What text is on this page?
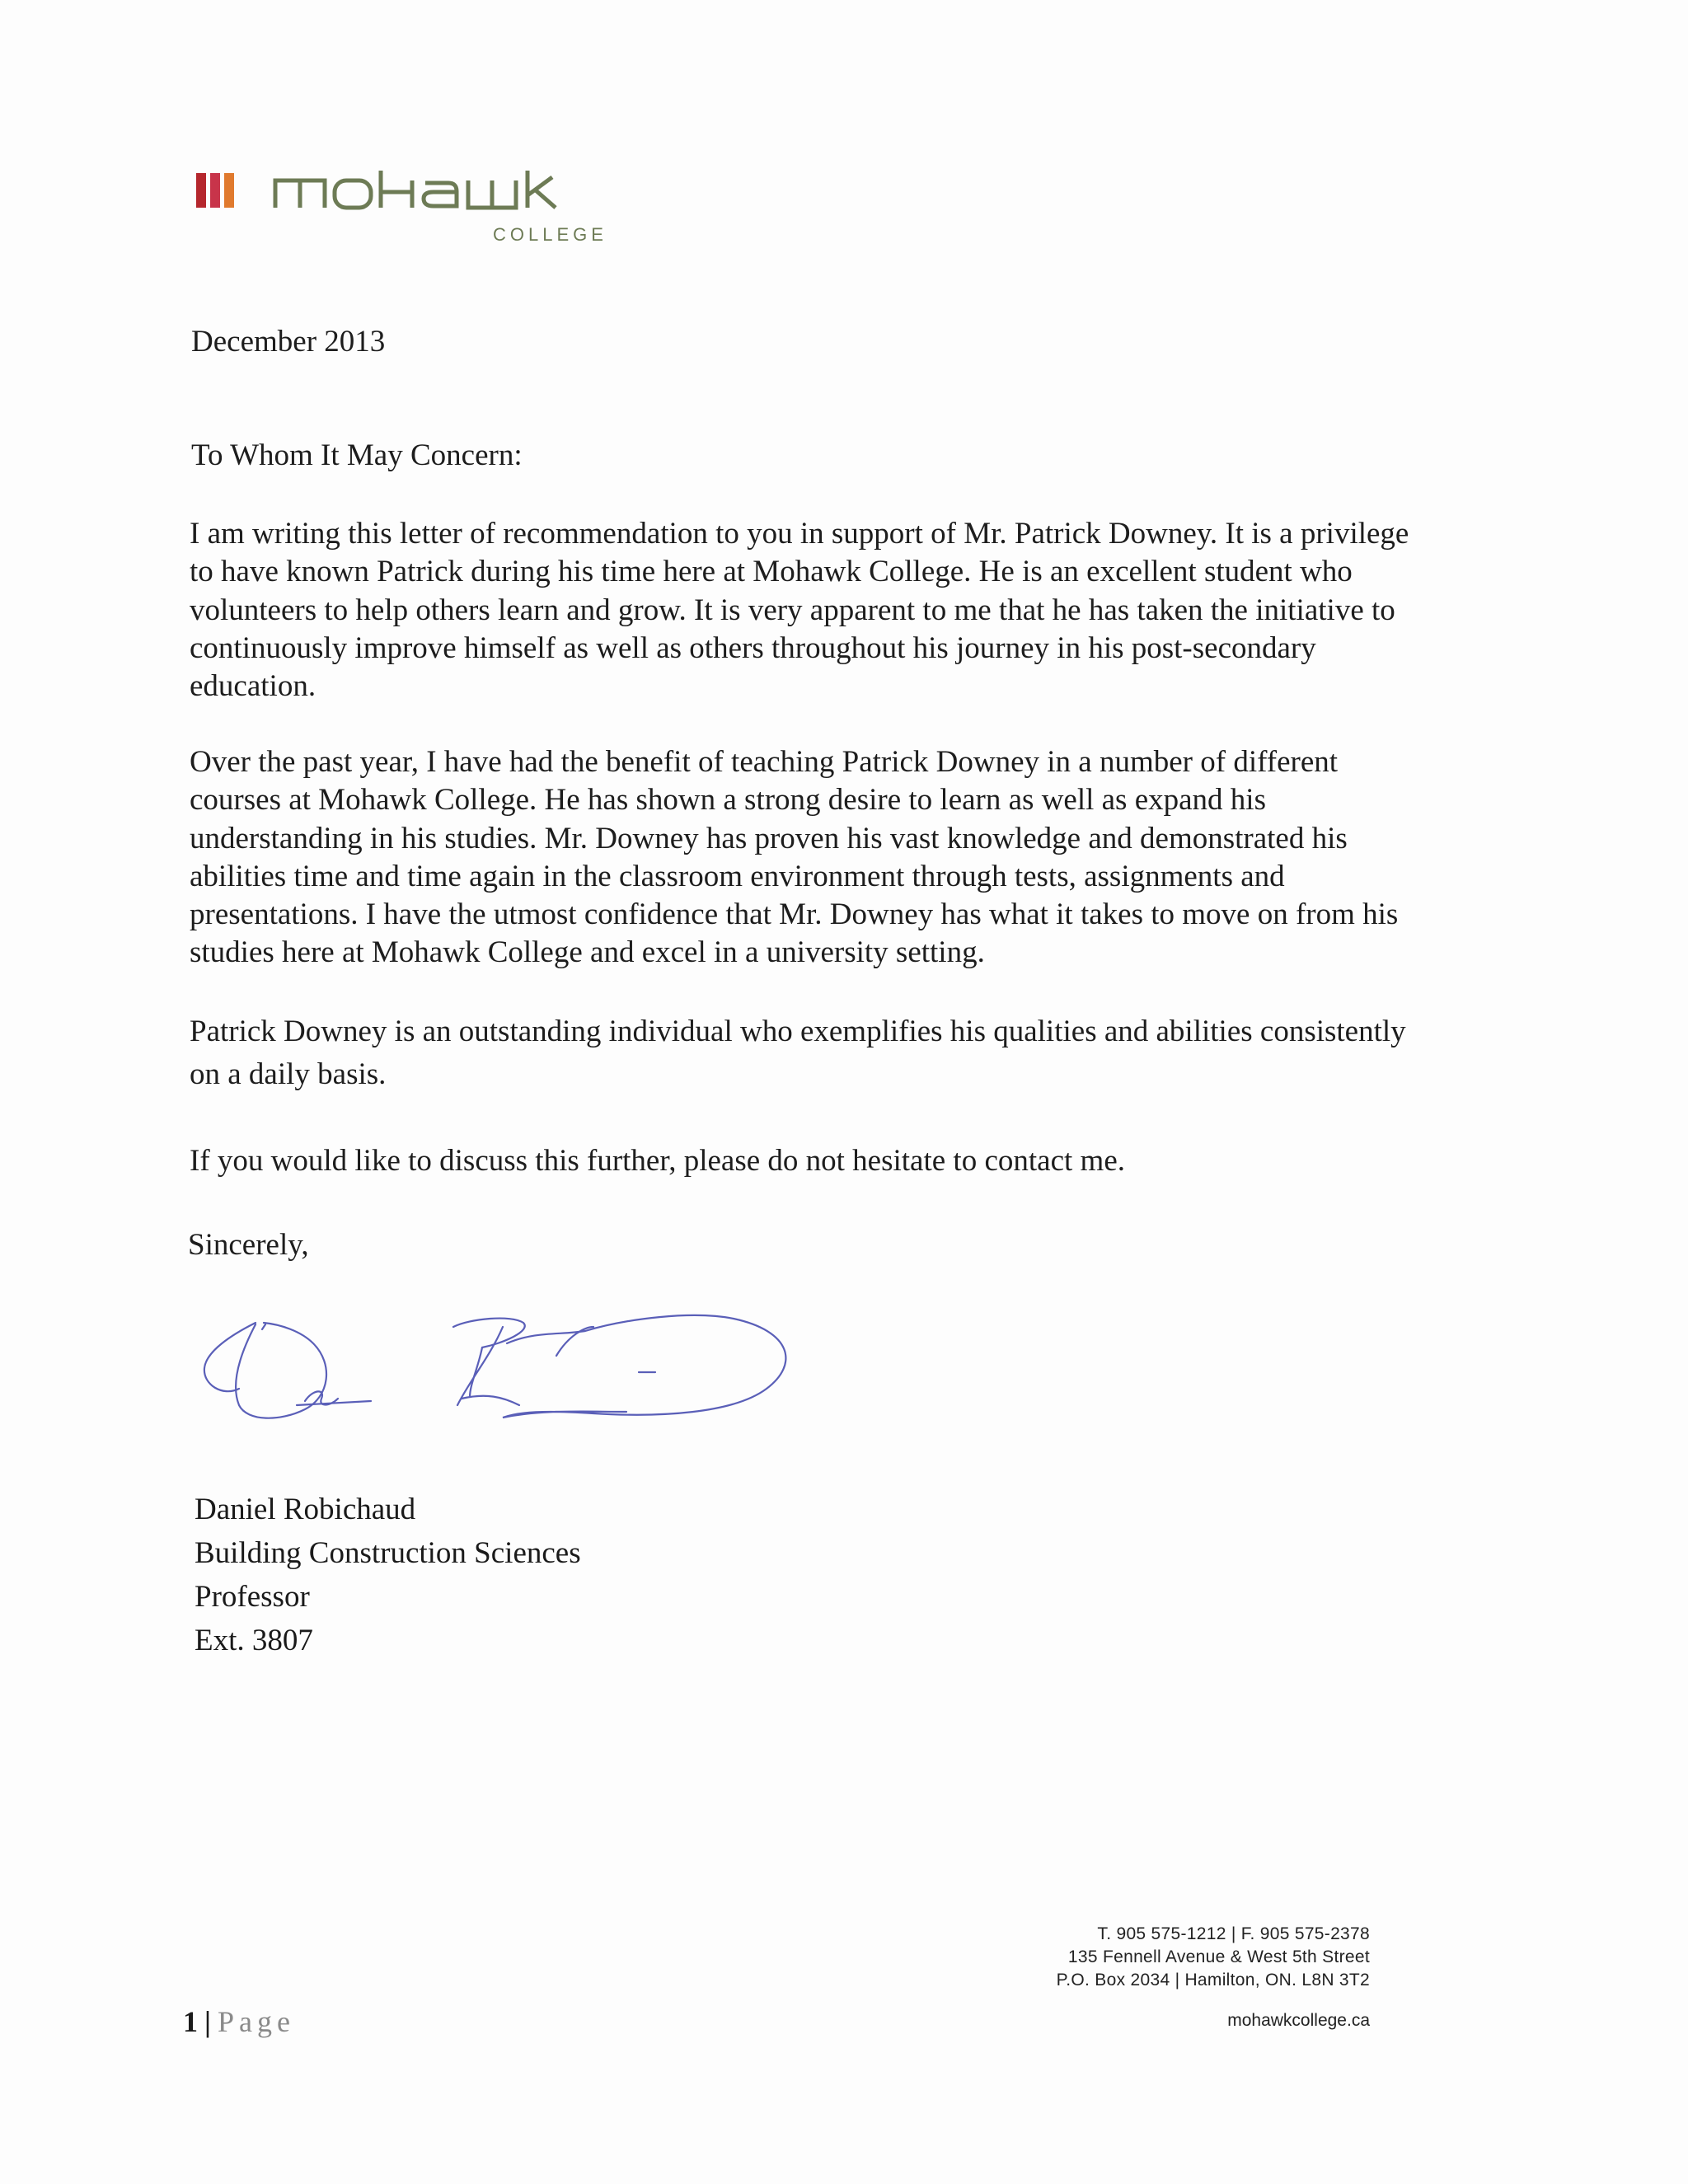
COLLEGE
December 2013
To Whom It May Concern:
I am writing this letter of recommendation to you in support of Mr. Patrick Downey. It is a privilege
to have known Patrick during his time here at Mohawk College. He is an excellent student who
volunteers to help others learn and grow. It is very apparent to me that he has taken the initiative to
continuously improve himself as well as others throughout his journey in his post-secondary
education.
Over the past year, I have had the benefit of teaching Patrick Downey in a number of different
courses at Mohawk College. He has shown a strong desire to learn as well as expand his
understanding in his studies. Mr. Downey has proven his vast knowledge and demonstrated his
abilities time and time again in the classroom environment through tests, assignments and
presentations. I have the utmost confidence that Mr. Downey has what it takes to move on from his
studies here at Mohawk College and excel in a university setting.
Patrick Downey is an outstanding individual who exemplifies his qualities and abilities consistently
on a daily basis.
If you would like to discuss this further, please do not hesitate to contact me.
Sincerely,
Daniel Robichaud
Building Construction Sciences
Professor
Ext. 3807
T. 905 575-1212 | F. 905 575-2378
135 Fennell Avenue & West 5th Street
P.O. Box 2034 | Hamilton, ON. L8N 3T2
mohawkcollege.ca
1 | Page
